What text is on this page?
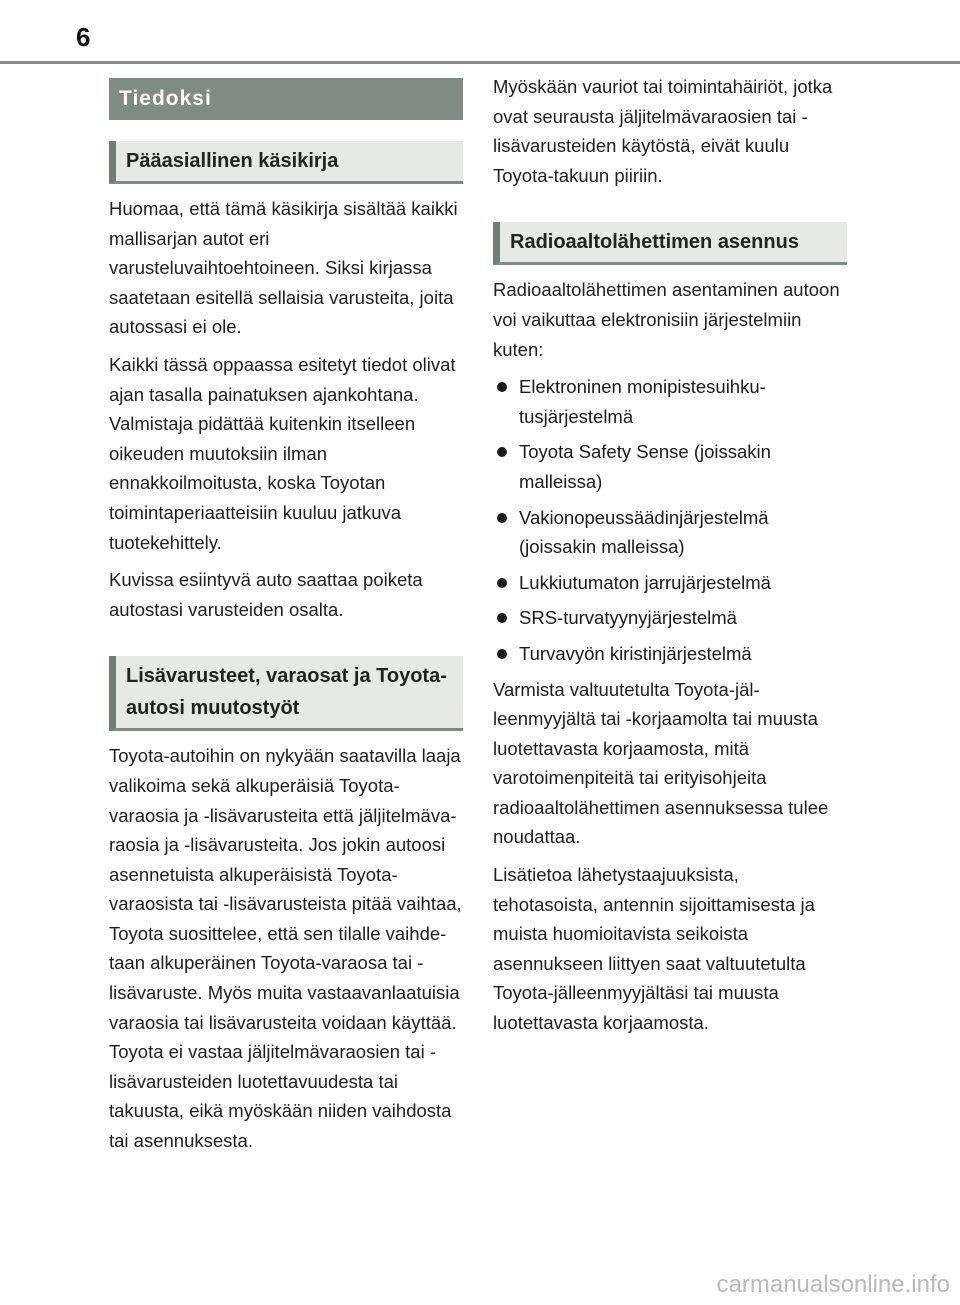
6
Tiedoksi
Pääasiallinen käsikirja

Huomaa, että tämä käsikirja sisältää kaikki mallisarjan autot eri varusteluvaihtoehtoineen. Siksi kirjassa saatetaan esitellä sellaisia varusteita, joita autossasi ei ole.

Kaikki tässä oppaassa esitetyt tiedot olivat ajan tasalla painatuksen ajankohtana. Valmistaja pidättää kuitenkin itselleen oikeuden muutoksiin ilman ennakkoilmoitusta, koska Toyotan toimintaperiaatteisiin kuuluu jatkuva tuotekehittely.

Kuvissa esiintyvä auto saattaa poiketa autostasi varusteiden osalta.

Lisävarusteet, varaosat ja Toyota-autosi muutostyöt

Toyota-autoihin on nykyään saatavilla laaja valikoima sekä alkuperäisiä Toyota-varaosia ja -lisävarusteita että jäljitelmävaraosia ja -lisävarusteita. Jos jokin autoosi asennetuista alkuperäisistä Toyota-varaosista tai -lisävarusteista pitää vaihtaa, Toyota suosittelee, että sen tilalle vaihdetaan alkuperäinen Toyota-varaosa tai -lisävaruste. Myös muita vastaavanlaatuisia varaosia tai lisävarusteita voidaan käyttää. Toyota ei vastaa jäljitelmävaraosien tai -lisävarusteiden luotettavuudesta tai takuusta, eikä myöskään niiden vaihdosta tai asennuksesta.

Myöskään vauriot tai toimintahäiriöt, jotka ovat seurausta jäljitelmävaraosien tai -lisävarusteiden käytöstä, eivät kuulu Toyota-takuun piiriin.

Radioaaltolähettimen asennus

Radioaaltolähettimen asentaminen autoon voi vaikuttaa elektronisiin järjestelmiin kuten:

Elektroninen monipistesuihkutusjärjestelmä
Toyota Safety Sense (joissakin malleissa)
Vakionopeussäädinjärjestelmä (joissakin malleissa)
Lukkiutumaton jarrujärjestelmä
SRS-turvatyynyjärjestelmä
Turvavyön kiristinjärjestelmä

Varmista valtuutetulta Toyota-jälleenmyyjältä tai -korjaamolta tai muusta luotettavasta korjaamosta, mitä varotoimenpiteitä tai erityisohjeita radioaaltolähettimen asennuksessa tulee noudattaa.

Lisätietoa lähetystaajuuksista, tehotasoista, antennin sijoittamisesta ja muista huomioitavista seikoista asennukseen liittyen saat valtuutetulta Toyota-jälleenmyyjältäsi tai muusta luotettavasta korjaamosta.

carmanualsonline.info
